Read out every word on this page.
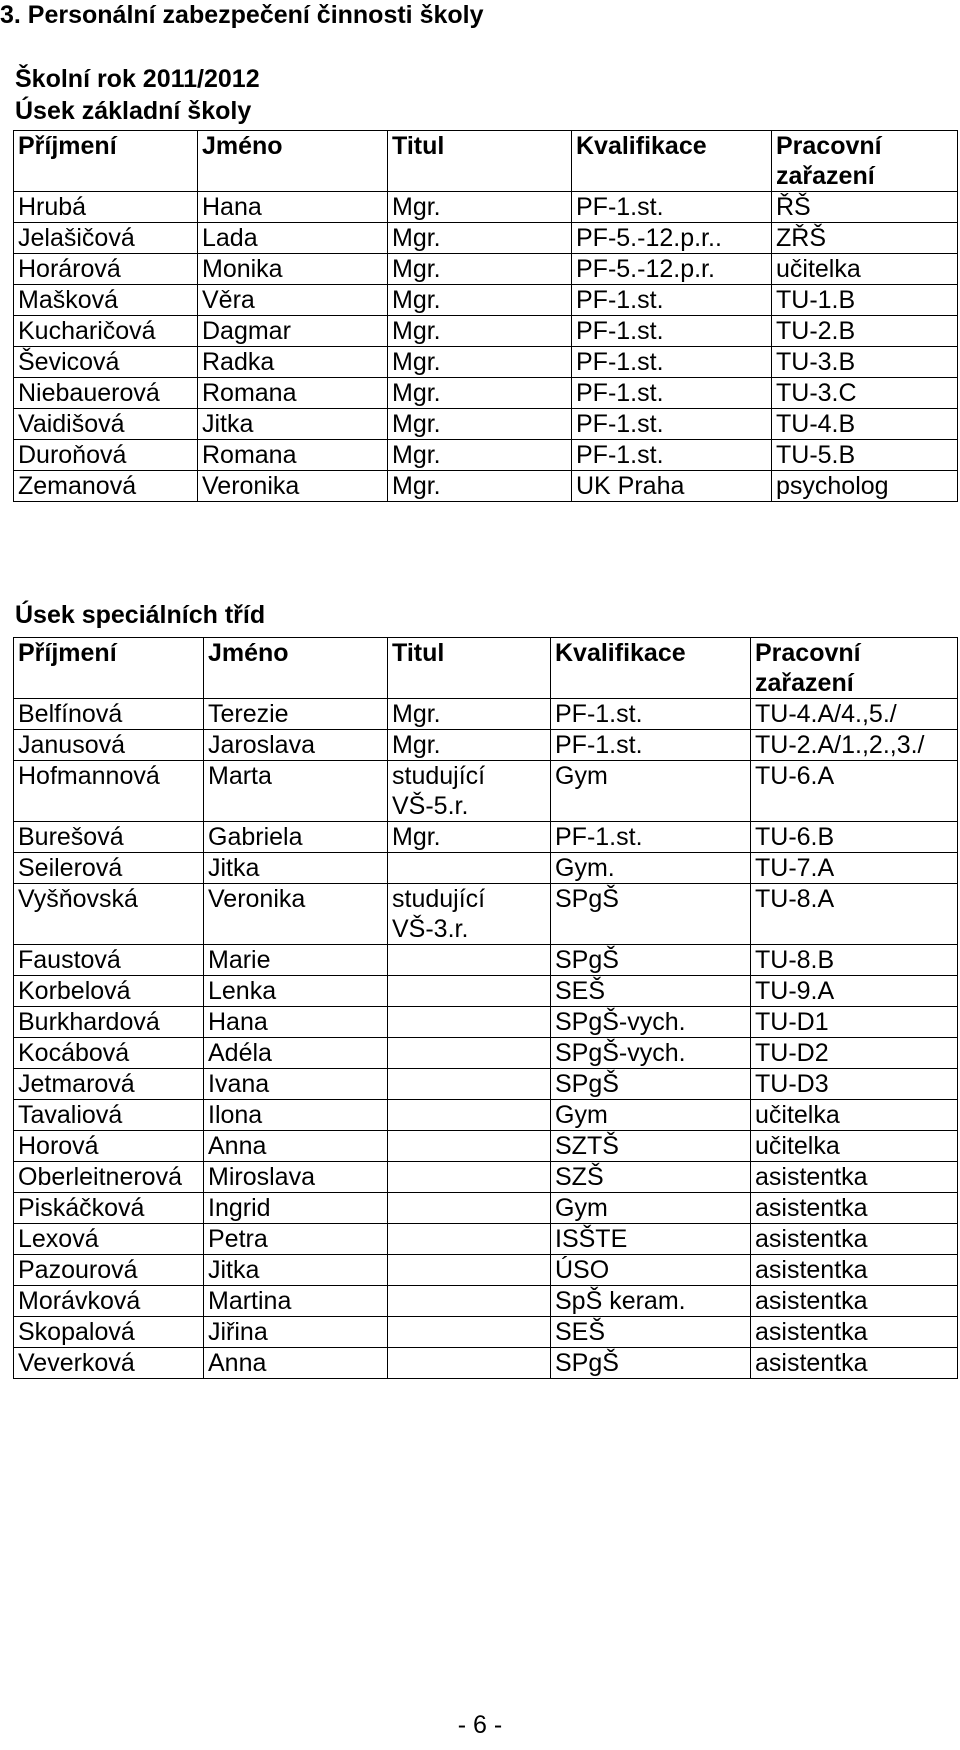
3. Personální zabezpečení činnosti školy
Školní rok 2011/2012
Úsek základní školy
Příjmení	Jméno	Titul	Kvalifikace	Pracovní zařazení
Hrubá	Hana	Mgr.	PF-1.st.	ŘŠ
Jelašičová	Lada	Mgr.	PF-5.-12.p.r..	ZŘŠ
Horárová	Monika	Mgr.	PF-5.-12.p.r.	učitelka
Mašková	Věra	Mgr.	PF-1.st.	TU-1.B
Kucharičová	Dagmar	Mgr.	PF-1.st.	TU-2.B
Ševicová	Radka	Mgr.	PF-1.st.	TU-3.B
Niebauerová	Romana	Mgr.	PF-1.st.	TU-3.C
Vaidišová	Jitka	Mgr.	PF-1.st.	TU-4.B
Duroňová	Romana	Mgr.	PF-1.st.	TU-5.B
Zemanová	Veronika	Mgr.	UK Praha	psycholog
Úsek speciálních tříd
Příjmení	Jméno	Titul	Kvalifikace	Pracovní zařazení
Belfínová	Terezie	Mgr.	PF-1.st.	TU-4.A/4.,5./
Janusová	Jaroslava	Mgr.	PF-1.st.	TU-2.A/1.,2.,3./
Hofmannová	Marta	studující VŠ-5.r.	Gym	TU-6.A
Burešová	Gabriela	Mgr.	PF-1.st.	TU-6.B
Seilerová	Jitka		Gym.	TU-7.A
Vyšňovská	Veronika	studující VŠ-3.r.	SPgŠ	TU-8.A
Faustová	Marie		SPgŠ	TU-8.B
Korbelová	Lenka		SEŠ	TU-9.A
Burkhardová	Hana		SPgŠ-vych.	TU-D1
Kocábová	Adéla		SPgŠ-vych.	TU-D2
Jetmarová	Ivana		SPgŠ	TU-D3
Tavaliová	Ilona		Gym	učitelka
Horová	Anna		SZTŠ	učitelka
Oberleitnerová	Miroslava		SZŠ	asistentka
Piskáčková	Ingrid		Gym	asistentka
Lexová	Petra		ISŠTE	asistentka
Pazourová	Jitka		ÚSO	asistentka
Morávková	Martina		SpŠ keram.	asistentka
Skopalová	Jiřina		SEŠ	asistentka
Veverková	Anna		SPgŠ	asistentka
- 6 -
